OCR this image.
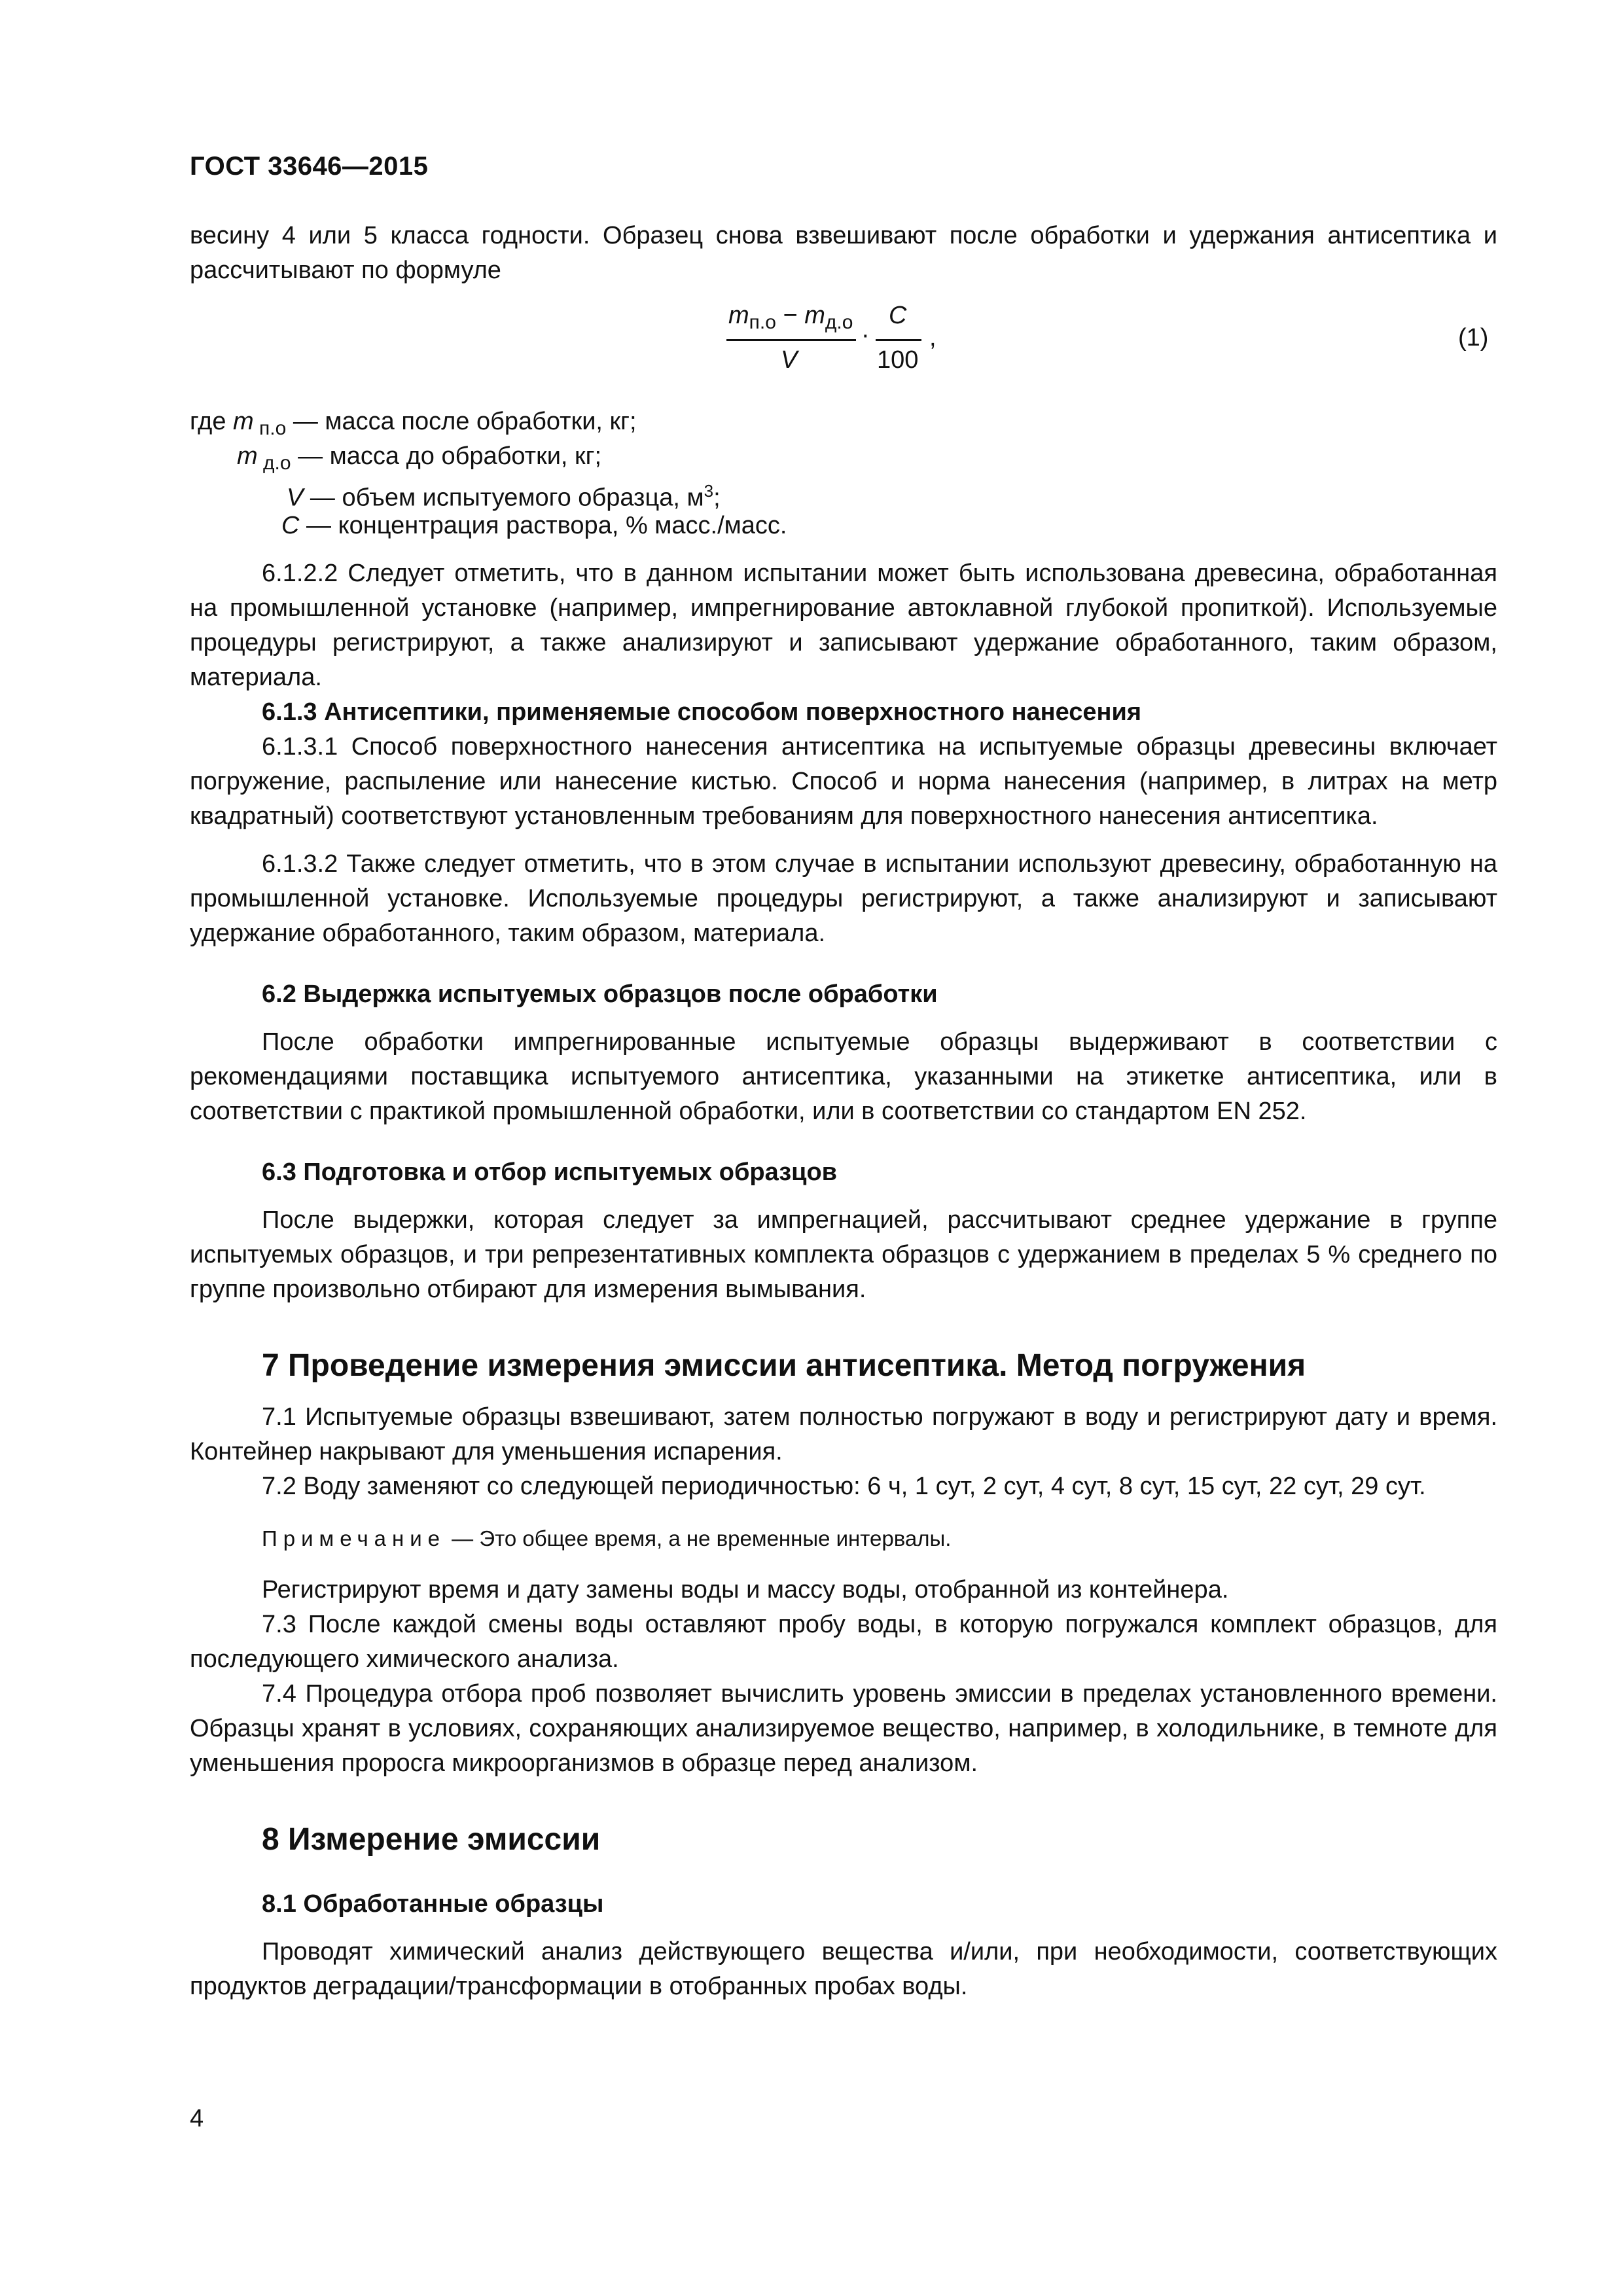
ГОСТ 33646—2015

весину 4 или 5 класса годности. Образец снова взвешивают после обработки и удержания антисептика и рассчитывают по формуле

$m_{п.о} - m_{д.о}$
V
·
C
100
,	(1)
где m $_{п.о}$ — масса после обработки, кг;
m $_{д.о}$ — масса до обработки, кг;
V — объем испытуемого образца, $м^3$;
C — концентрация раствора, % масс./масс.

6.1.2.2 Следует отметить, что в данном испытании может быть использована древесина, обработанная на промышленной установке (например, импрегнирование автоклавной глубокой пропиткой). Используемые процедуры регистрируют, а также анализируют и записывают удержание обработанного, таким образом, материала.

6.1.3 Антисептики, применяемые способом поверхностного нанесения

6.1.3.1 Способ поверхностного нанесения антисептика на испытуемые образцы древесины включает погружение, распыление или нанесение кистью. Способ и норма нанесения (например, в литрах на метр квадратный) соответствуют установленным требованиям для поверхностного нанесения антисептика.

6.1.3.2 Также следует отметить, что в этом случае в испытании используют древесину, обработанную на промышленной установке. Используемые процедуры регистрируют, а также анализируют и записывают удержание обработанного, таким образом, материала.

6.2 Выдержка испытуемых образцов после обработки

После обработки импрегнированные испытуемые образцы выдерживают в соответствии с рекомендациями поставщика испытуемого антисептика, указанными на этикетке антисептика, или в соответствии с практикой промышленной обработки, или в соответствии со стандартом EN 252.

6.3 Подготовка и отбор испытуемых образцов

После выдержки, которая следует за импрегнацией, рассчитывают среднее удержание в группе испытуемых образцов, и три репрезентативных комплекта образцов с удержанием в пределах 5 % среднего по группе произвольно отбирают для измерения вымывания.

7 Проведение измерения эмиссии антисептика. Метод погружения

7.1 Испытуемые образцы взвешивают, затем полностью погружают в воду и регистрируют дату и время. Контейнер накрывают для уменьшения испарения.

7.2 Воду заменяют со следующей периодичностью: 6 ч, 1 сут, 2 сут, 4 сут, 8 сут, 15 сут, 22 сут, 29 сут.

Примечание — Это общее время, а не временные интервалы.

Регистрируют время и дату замены воды и массу воды, отобранной из контейнера.

7.3 После каждой смены воды оставляют пробу воды, в которую погружался комплект образцов, для последующего химического анализа.

7.4 Процедура отбора проб позволяет вычислить уровень эмиссии в пределах установленного времени. Образцы хранят в условиях, сохраняющих анализируемое вещество, например, в холодильнике, в темноте для уменьшения проросга микроорганизмов в образце перед анализом.

8 Измерение эмиссии

8.1 Обработанные образцы

Проводят химический анализ действующего вещества и/или, при необходимости, соответствующих продуктов деградации/трансформации в отобранных пробах воды.

4
